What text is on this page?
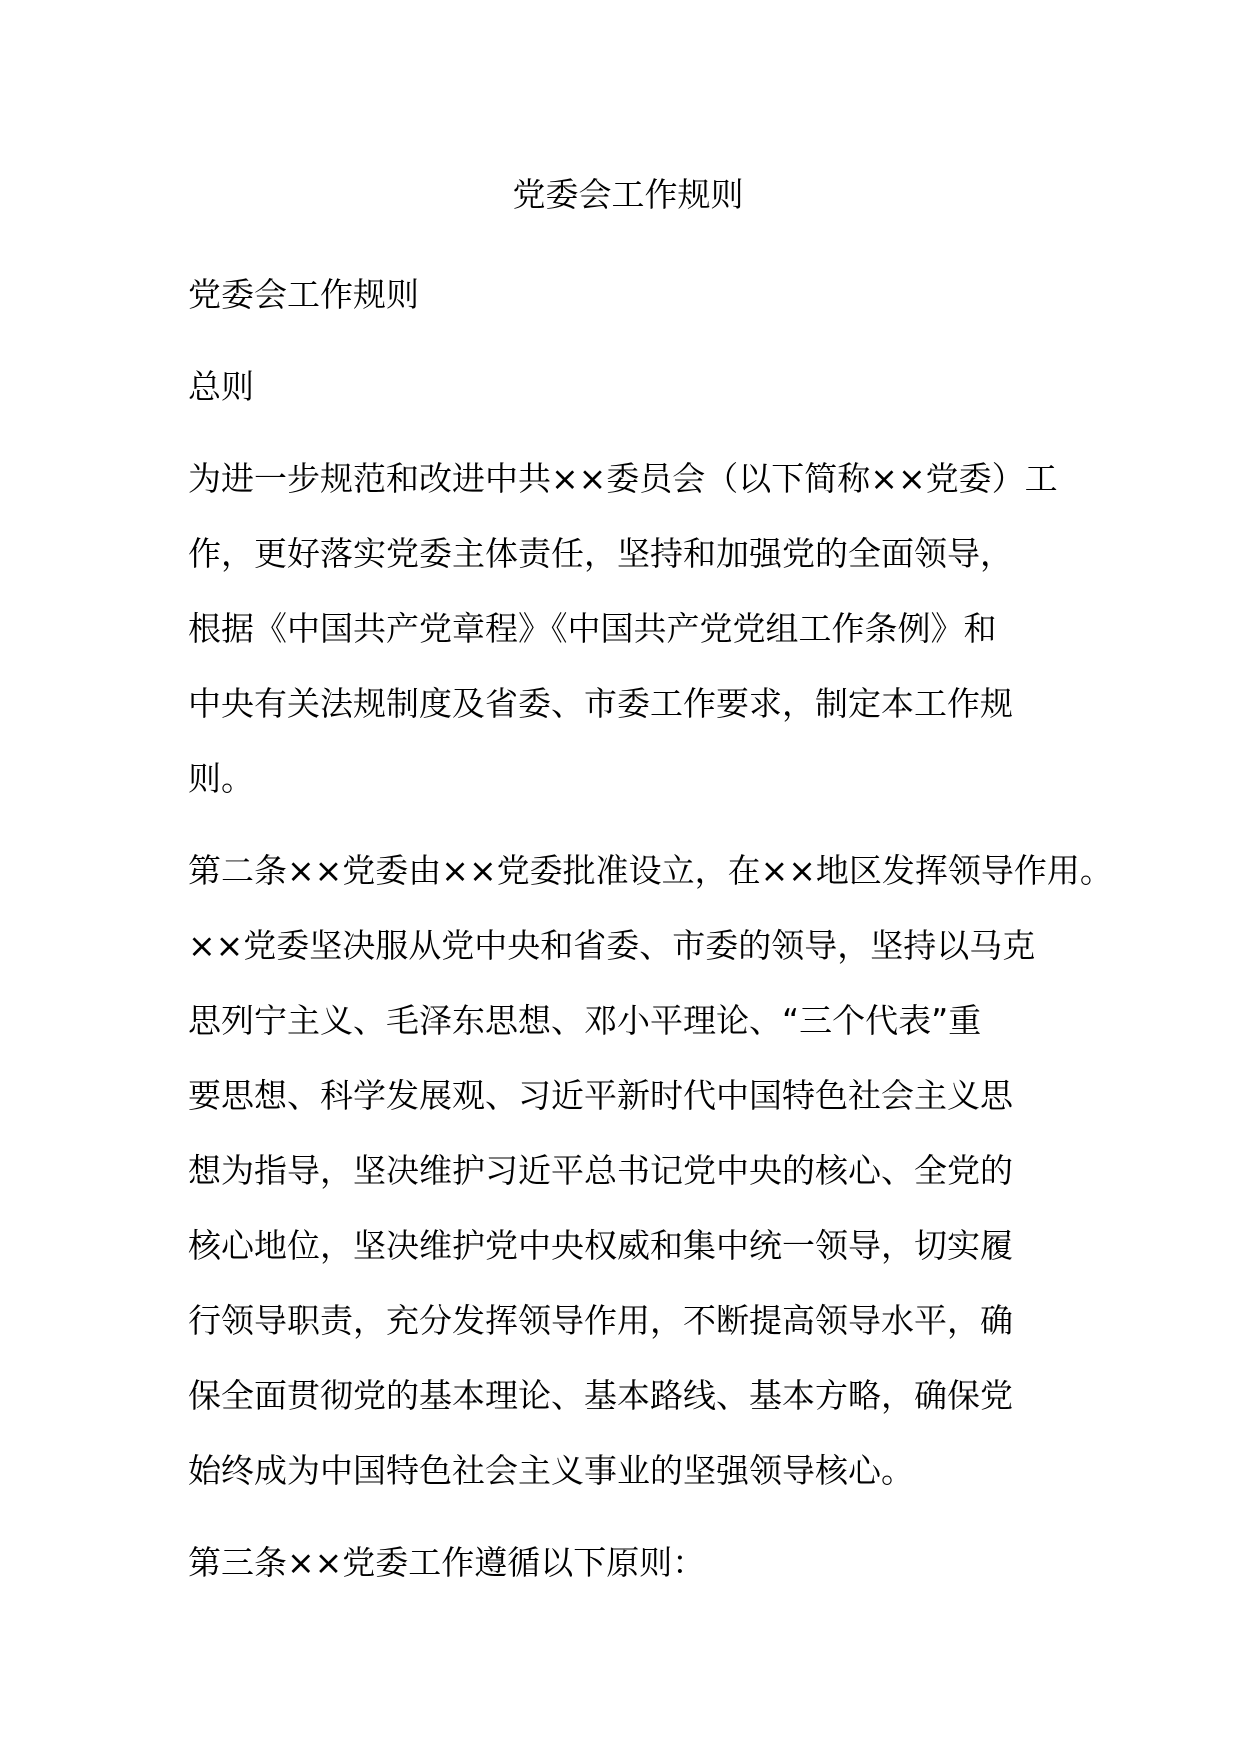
党委会工作规则

党委会工作规则

总则

为进一步规范和改进中共××委员会（以下简称××党委）工
作，更好落实党委主体责任，坚持和加强党的全面领导，
根据《中国共产党章程》《中国共产党党组工作条例》和
中央有关法规制度及省委、市委工作要求，制定本工作规
则。
第二条××党委由××党委批准设立，在××地区发挥领导作用。
××党委坚决服从党中央和省委、市委的领导，坚持以马克
思列宁主义、毛泽东思想、邓小平理论、“三个代表”重
要思想、科学发展观、习近平新时代中国特色社会主义思
想为指导，坚决维护习近平总书记党中央的核心、全党的
核心地位，坚决维护党中央权威和集中统一领导，切实履
行领导职责，充分发挥领导作用，不断提高领导水平，确
保全面贯彻党的基本理论、基本路线、基本方略，确保党
始终成为中国特色社会主义事业的坚强领导核心。
第三条××党委工作遵循以下原则：
